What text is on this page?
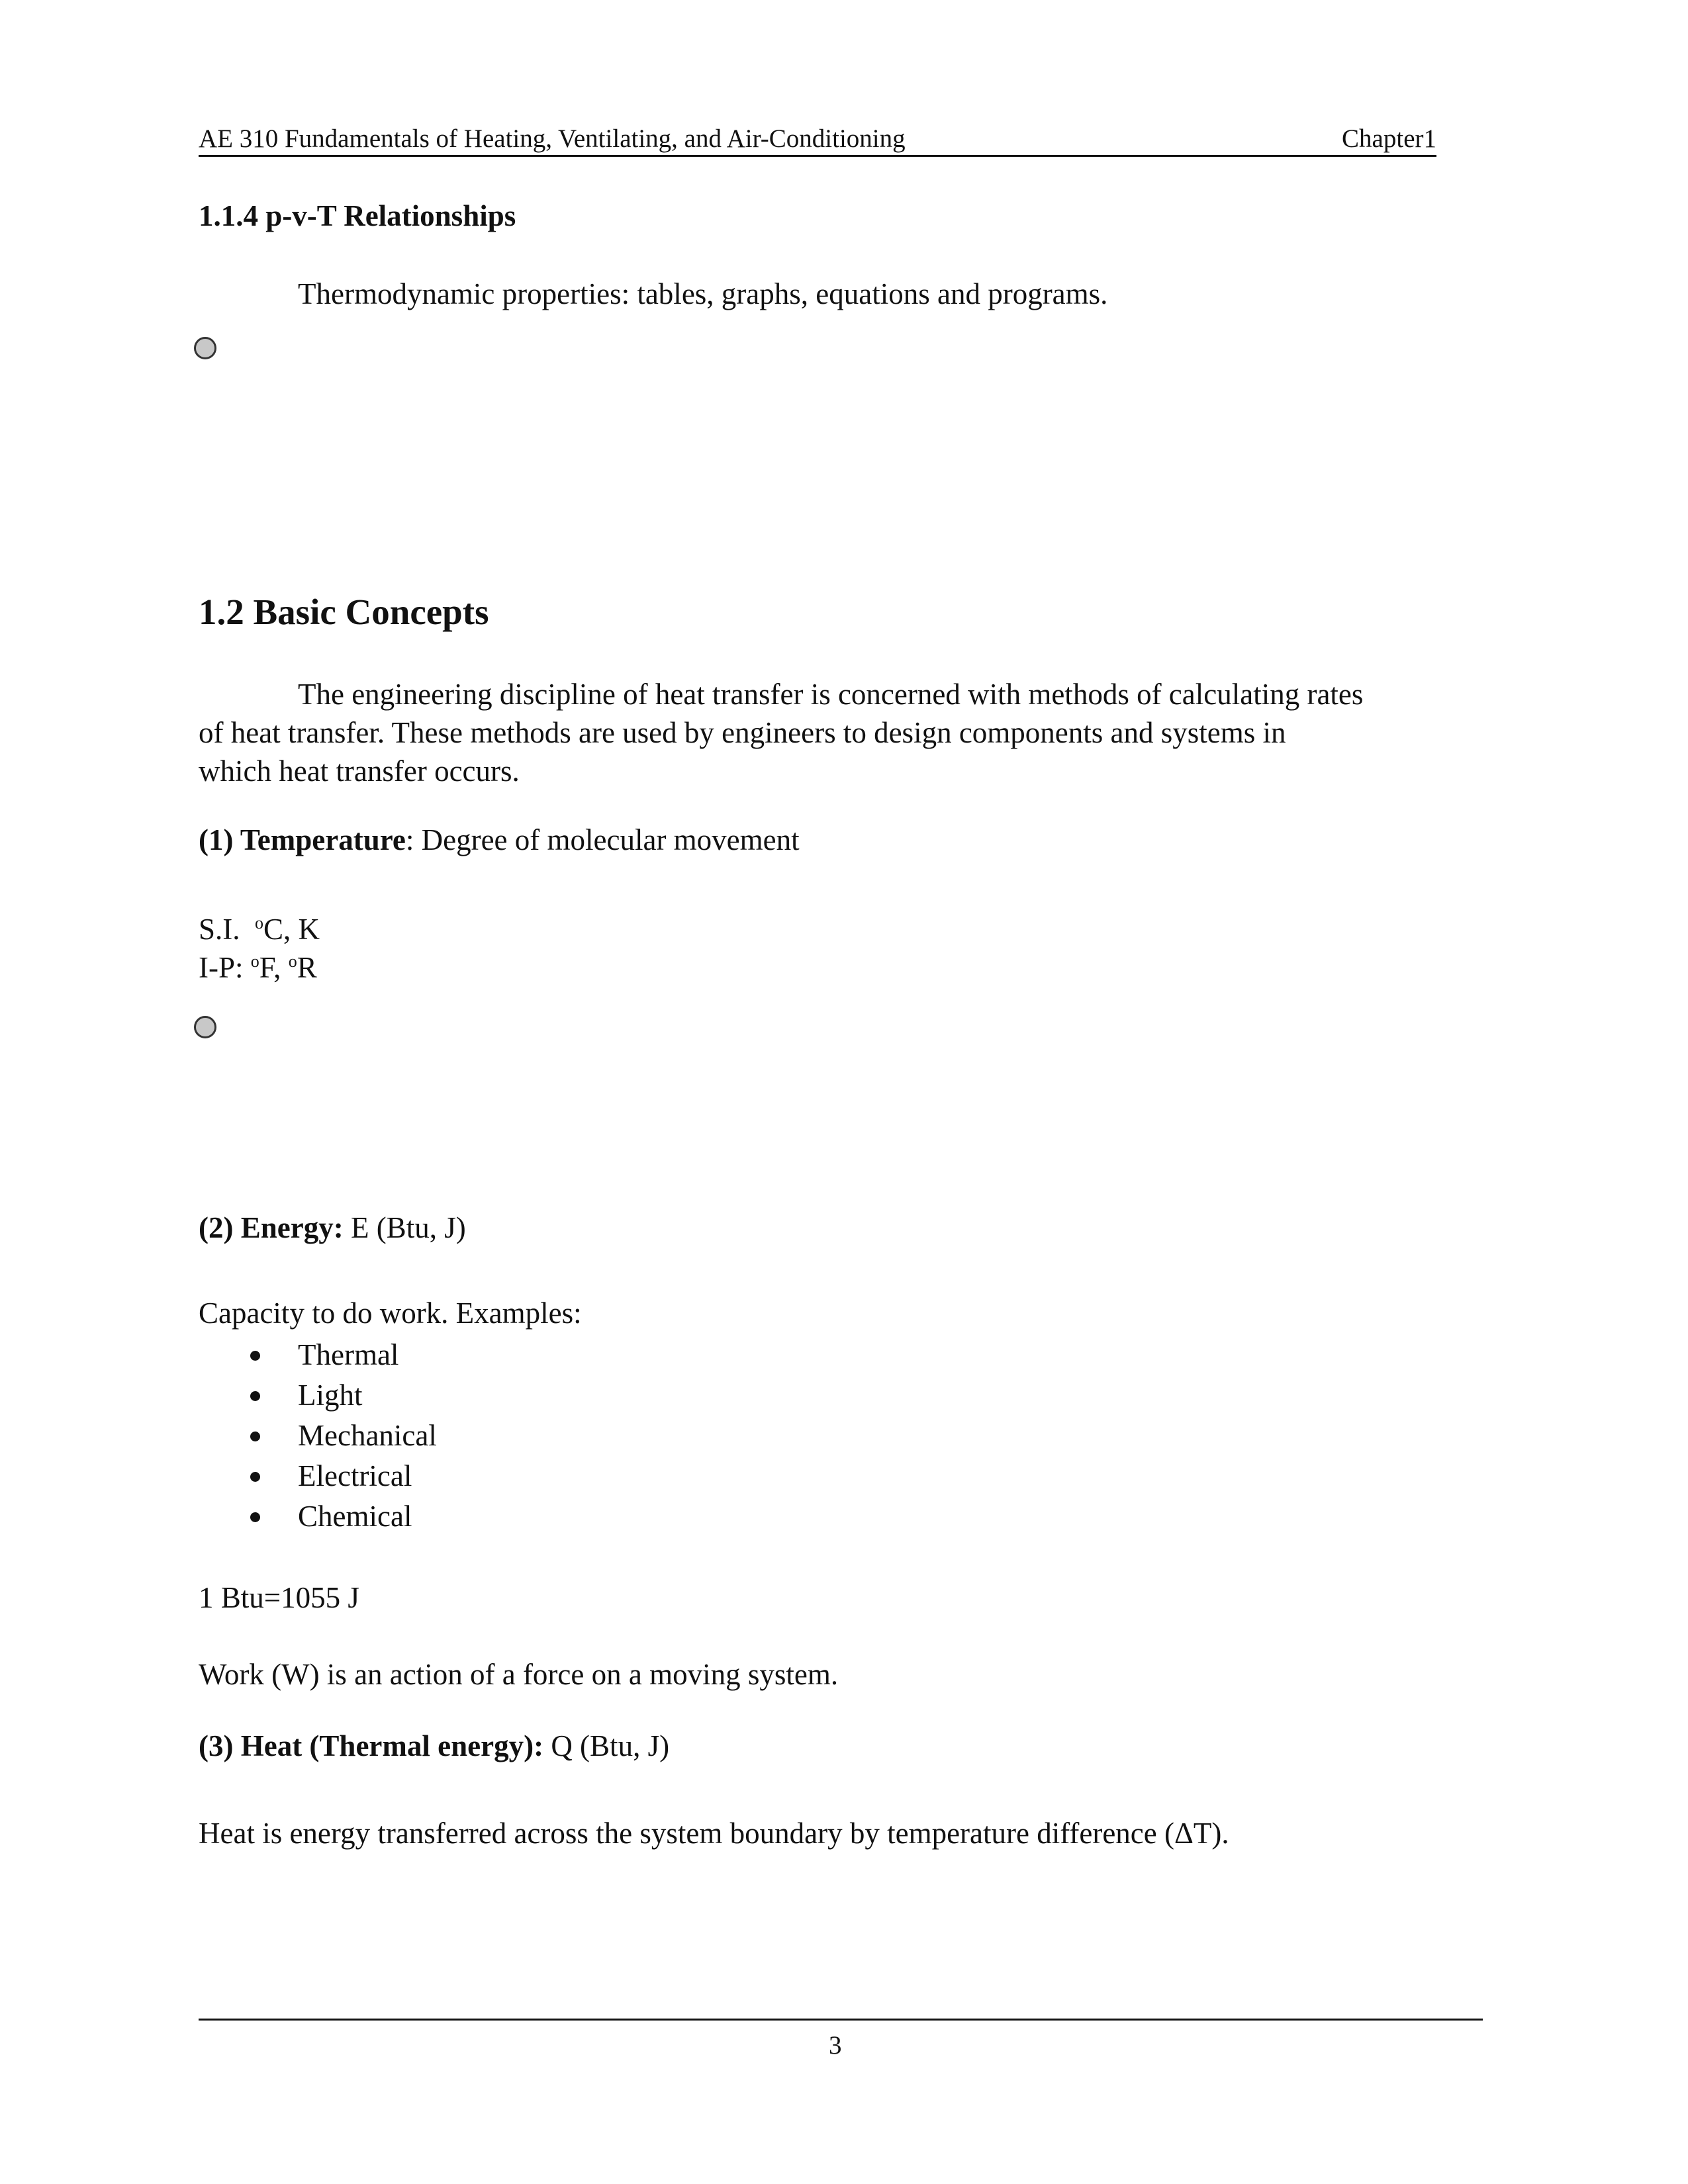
AE 310 Fundamentals of Heating, Ventilating, and Air-Conditioning	Chapter1
1.1.4 p-v-T Relationships
Thermodynamic properties: tables, graphs, equations and programs.
1.2 Basic Concepts
The engineering discipline of heat transfer is concerned with methods of calculating rates
of heat transfer. These methods are used by engineers to design components and systems in
which heat transfer occurs.
(1) Temperature: Degree of molecular movement
S.I.  $^o$C, K
I-P: $^o$F, $^o$R
(2) Energy: E (Btu, J)
Capacity to do work. Examples:
Thermal
Light
Mechanical
Electrical
Chemical
1 Btu=1055 J
Work (W) is an action of a force on a moving system.
(3) Heat (Thermal energy): Q (Btu, J)
Heat is energy transferred across the system boundary by temperature difference (ΔT).
3
